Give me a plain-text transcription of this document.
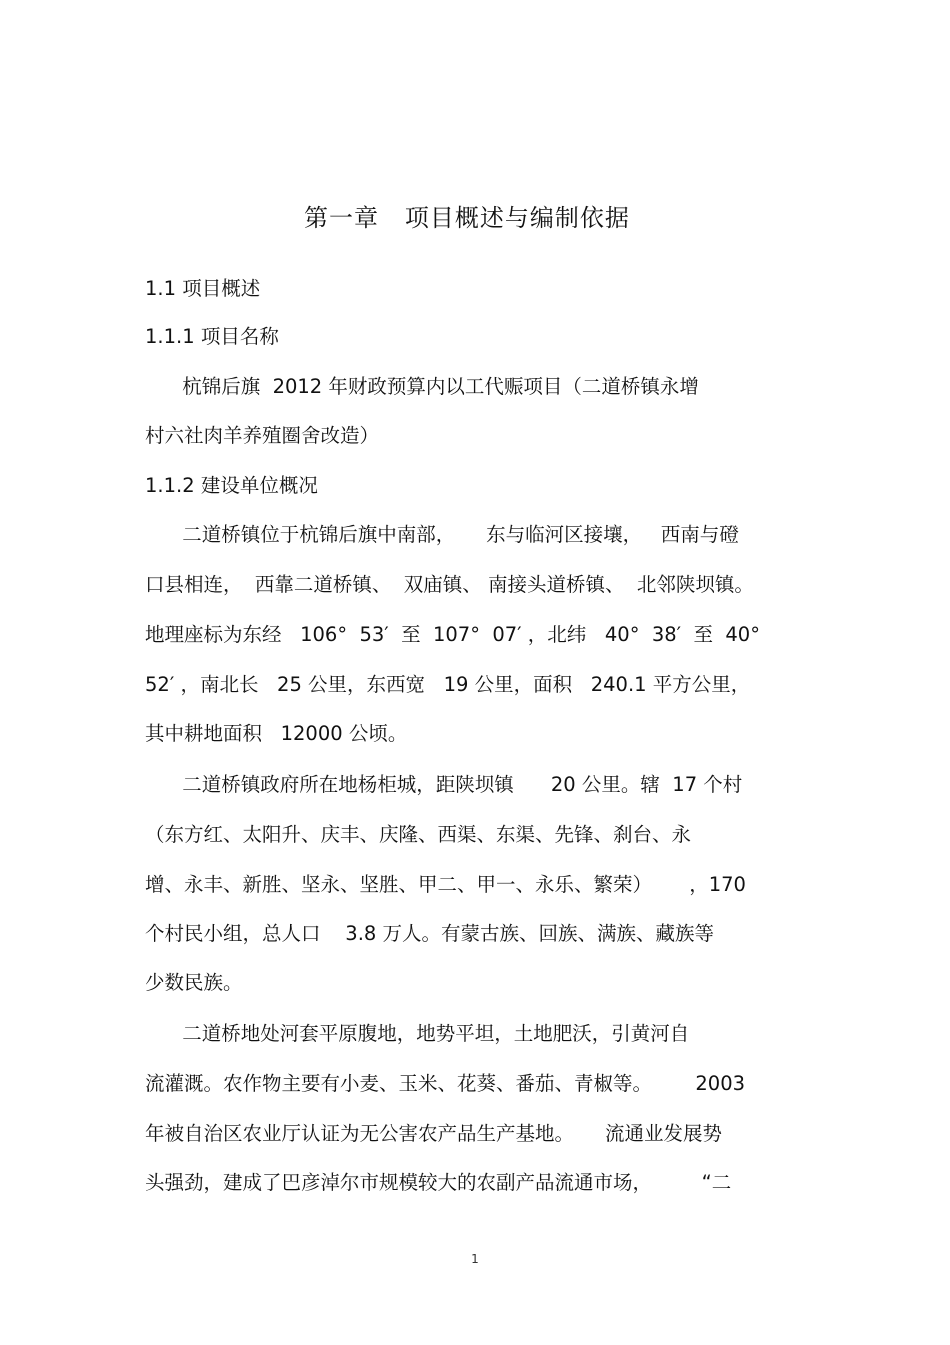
第一章   项目概述与编制依据
1.1 项目概述
1.1.1 项目名称
杭锦后旗  2012 年财政预算内以工代赈项目（二道桥镇永增
村六社肉羊养殖圈舍改造）
1.1.2 建设单位概况
二道桥镇位于杭锦后旗中南部，     东与临河区接壤，   西南与磴
口县相连，  西靠二道桥镇、  双庙镇、 南接头道桥镇、  北邻陕坝镇。
地理座标为东经   106°  53′  至  107°  07′ ，北纬   40°  38′  至  40°
52′ ，南北长   25 公里，东西宽   19 公里，面积   240.1 平方公里，
其中耕地面积   12000 公顷。
二道桥镇政府所在地杨柜城，距陕坝镇      20 公里。辖  17 个村
（东方红、太阳升、庆丰、庆隆、西渠、东渠、先锋、刹台、永
增、永丰、新胜、坚永、坚胜、甲二、甲一、永乐、繁荣）      ，170
个村民小组，总人口    3.8 万人。有蒙古族、回族、满族、藏族等
少数民族。
二道桥地处河套平原腹地，地势平坦，土地肥沃，引黄河自
流灌溉。农作物主要有小麦、玉米、花葵、番茄、青椒等。       2003
年被自治区农业厅认证为无公害农产品生产基地。     流通业发展势
头强劲，建成了巴彦淖尔市规模较大的农副产品流通市场，        “二
1
